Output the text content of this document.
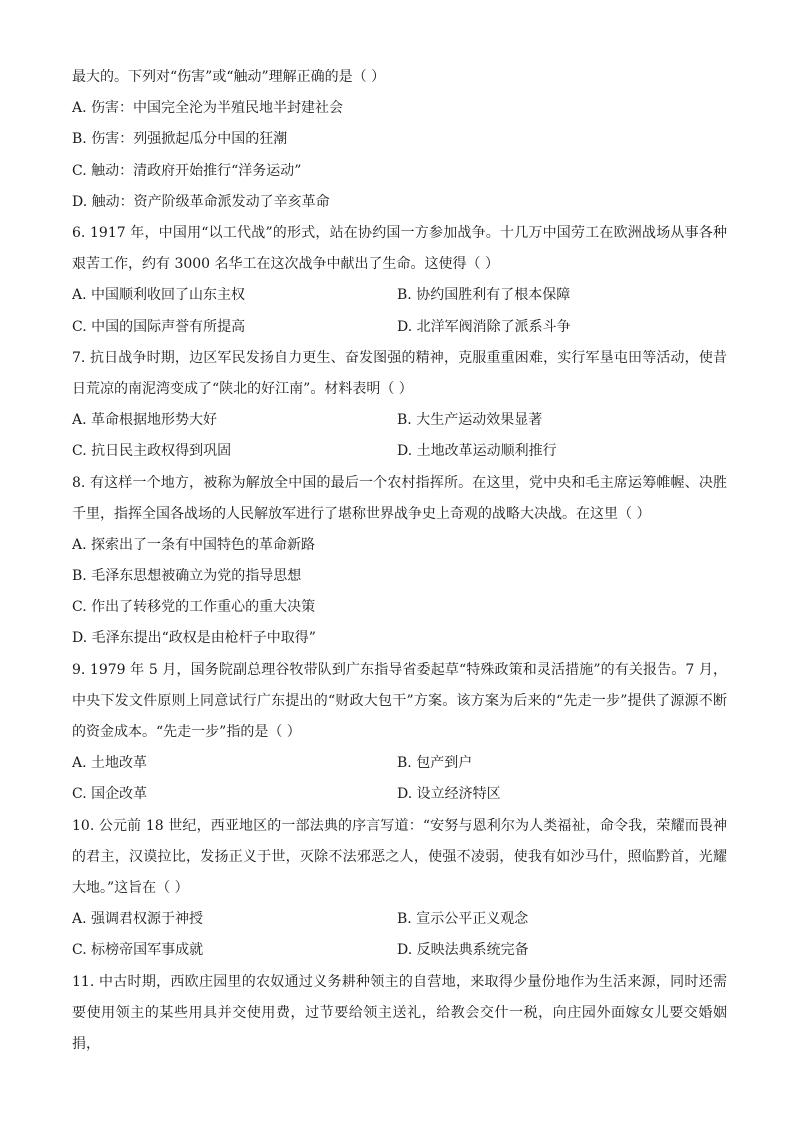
最大的。下列对“伤害”或“触动”理解正确的是（ ）
A. 伤害：中国完全沦为半殖民地半封建社会
B. 伤害：列强掀起瓜分中国的狂潮
C. 触动：清政府开始推行“洋务运动”
D. 触动：资产阶级革命派发动了辛亥革命
6. 1917 年，中国用“以工代战”的形式，站在协约国一方参加战争。十几万中国劳工在欧洲战场从事各种艰苦工作，约有 3000 名华工在这次战争中献出了生命。这使得（ ）
A. 中国顺利收回了山东主权	B. 协约国胜利有了根本保障
C. 中国的国际声誉有所提高	D. 北洋军阀消除了派系斗争
7. 抗日战争时期，边区军民发扬自力更生、奋发图强的精神，克服重重困难，实行军垦屯田等活动，使昔日荒凉的南泥湾变成了“陕北的好江南”。材料表明（ ）
A. 革命根据地形势大好	B. 大生产运动效果显著
C. 抗日民主政权得到巩固	D. 土地改革运动顺利推行
8. 有这样一个地方，被称为解放全中国的最后一个农村指挥所。在这里，党中央和毛主席运筹帷幄、决胜千里，指挥全国各战场的人民解放军进行了堪称世界战争史上奇观的战略大决战。在这里（ ）
A. 探索出了一条有中国特色的革命新路
B. 毛泽东思想被确立为党的指导思想
C. 作出了转移党的工作重心的重大决策
D. 毛泽东提出“政权是由枪杆子中取得”
9. 1979 年 5 月，国务院副总理谷牧带队到广东指导省委起草“特殊政策和灵活措施”的有关报告。7 月，中央下发文件原则上同意试行广东提出的“财政大包干”方案。该方案为后来的“先走一步”提供了源源不断的资金成本。“先走一步”指的是（ ）
A. 土地改革	B. 包产到户
C. 国企改革	D. 设立经济特区
10. 公元前 18 世纪，西亚地区的一部法典的序言写道：“安努与恩利尔为人类福祉，命令我，荣耀而畏神的君主，汉谟拉比，发扬正义于世，灭除不法邪恶之人，使强不凌弱，使我有如沙马什，照临黔首，光耀大地。”这旨在（ ）
A. 强调君权源于神授	B. 宣示公平正义观念
C. 标榜帝国军事成就	D. 反映法典系统完备
11. 中古时期，西欧庄园里的农奴通过义务耕种领主的自营地，来取得少量份地作为生活来源，同时还需要使用领主的某些用具并交使用费，过节要给领主送礼，给教会交什一税，向庄园外面嫁女儿要交婚姻捐，
